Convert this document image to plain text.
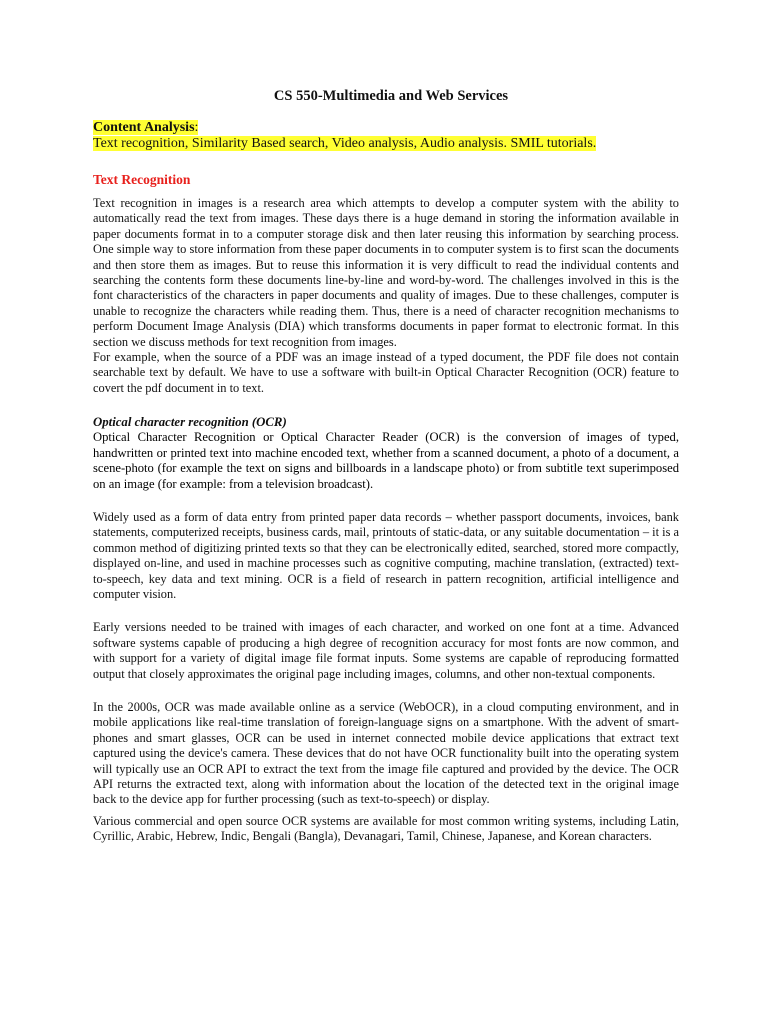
CS 550-Multimedia and Web Services
Content Analysis:
Text recognition, Similarity Based search, Video analysis, Audio analysis. SMIL tutorials.
Text Recognition

Text recognition in images is a research area which attempts to develop a computer system with the ability to automatically read the text from images. These days there is a huge demand in storing the information available in paper documents format in to a computer storage disk and then later reusing this information by searching process. One simple way to store information from these paper documents in to computer system is to first scan the documents and then store them as images. But to reuse this information it is very difficult to read the individual contents and searching the contents form these documents line-by-line and word-by-word. The challenges involved in this is the font characteristics of the characters in paper documents and quality of images. Due to these challenges, computer is unable to recognize the characters while reading them. Thus, there is a need of character recognition mechanisms to perform Document Image Analysis (DIA) which transforms documents in paper format to electronic format. In this section we discuss methods for text recognition from images.

For example, when the source of a PDF was an image instead of a typed document, the PDF file does not contain searchable text by default. We have to use a software with built-in Optical Character Recognition (OCR) feature to covert the pdf document in to text.

Optical character recognition (OCR)

Optical Character Recognition or Optical Character Reader (OCR) is the conversion of images of typed, handwritten or printed text into machine encoded text, whether from a scanned document, a photo of a document, a scene-photo (for example the text on signs and billboards in a landscape photo) or from subtitle text superimposed on an image (for example: from a television broadcast).

Widely used as a form of data entry from printed paper data records – whether passport documents, invoices, bank statements, computerized receipts, business cards, mail, printouts of static-data, or any suitable documentation – it is a common method of digitizing printed texts so that they can be electronically edited, searched, stored more compactly, displayed on-line, and used in machine processes such as cognitive computing, machine translation, (extracted) text-to-speech, key data and text mining. OCR is a field of research in pattern recognition, artificial intelligence and computer vision.

Early versions needed to be trained with images of each character, and worked on one font at a time. Advanced software systems capable of producing a high degree of recognition accuracy for most fonts are now common, and with support for a variety of digital image file format inputs. Some systems are capable of reproducing formatted output that closely approximates the original page including images, columns, and other non-textual components.

In the 2000s, OCR was made available online as a service (WebOCR), in a cloud computing environment, and in mobile applications like real-time translation of foreign-language signs on a smartphone. With the advent of smart-phones and smart glasses, OCR can be used in internet connected mobile device applications that extract text captured using the device's camera. These devices that do not have OCR functionality built into the operating system will typically use an OCR API to extract the text from the image file captured and provided by the device. The OCR API returns the extracted text, along with information about the location of the detected text in the original image back to the device app for further processing (such as text-to-speech) or display.

Various commercial and open source OCR systems are available for most common writing systems, including Latin, Cyrillic, Arabic, Hebrew, Indic, Bengali (Bangla), Devanagari, Tamil, Chinese, Japanese, and Korean characters.
